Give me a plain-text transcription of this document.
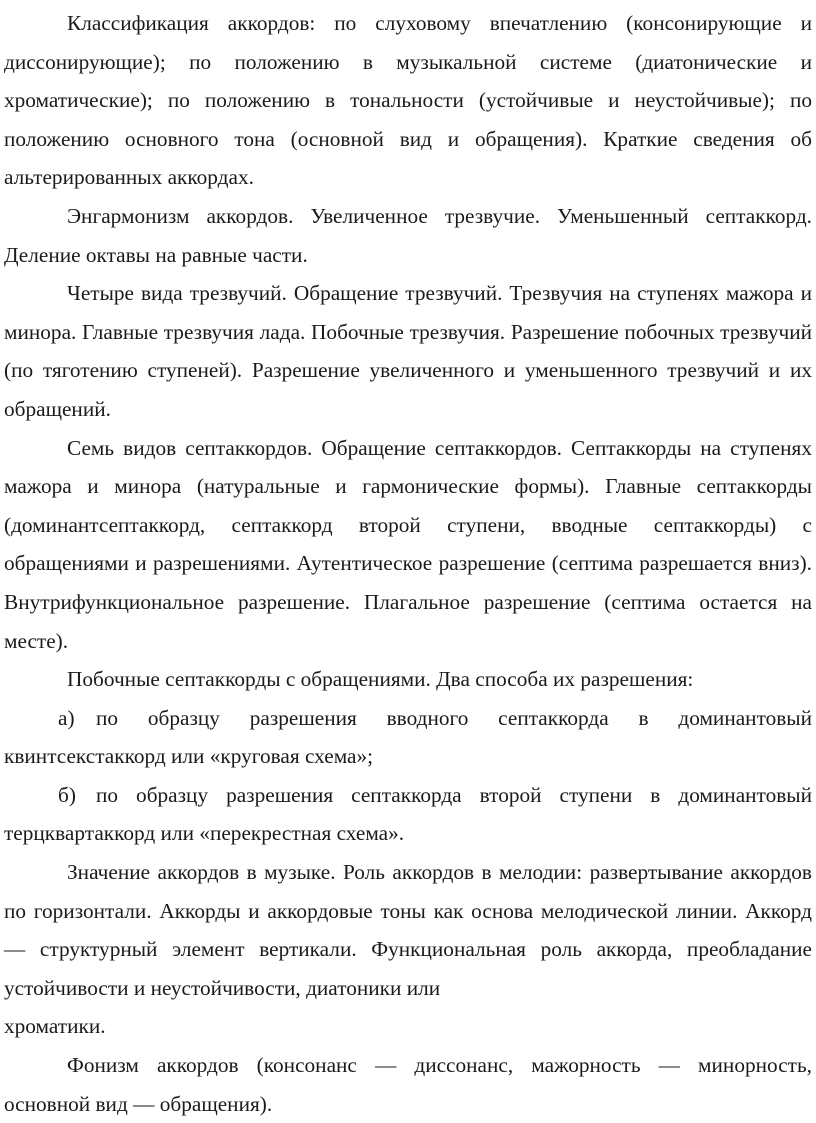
Классификация аккордов: по слуховому впечатлению (консонирующие и диссонирующие); по положению в музыкальной системе (диатонические и хроматические); по положению в тональности (устойчивые и неустойчивые); по положению основного тона (основной вид и обращения). Краткие сведения об альтерированных аккордах.

Энгармонизм аккордов. Увеличенное трезвучие. Уменьшенный септаккорд. Деление октавы на равные части.

Четыре вида трезвучий. Обращение трезвучий. Трезвучия на ступенях мажора и минора. Главные трезвучия лада. Побочные трезвучия. Разрешение побочных трезвучий (по тяготению ступеней). Разрешение увеличенного и уменьшенного трезвучий и их обращений.

Семь видов септаккордов. Обращение септаккордов. Септаккорды на ступенях мажора и минора (натуральные и гармонические формы). Главные септаккорды (доминантсептаккорд, септаккорд второй ступени, вводные септаккорды) с обращениями и разрешениями. Аутентическое разрешение (септима разрешается вниз). Внутрифункциональное разрешение. Плагальное разрешение (септима остается на месте).

Побочные септаккорды с обращениями. Два способа их разрешения:

а) по образцу разрешения вводного септаккорда в доминантовый квинтсекстаккорд или «круговая схема»;

б) по образцу разрешения септаккорда второй ступени в доминантовый терцквартаккорд или «перекрестная схема».

Значение аккордов в музыке. Роль аккордов в мелодии: развертывание аккордов по горизонтали. Аккорды и аккордовые тоны как основа мелодической линии. Аккорд — структурный элемент вертикали. Функциональная роль аккорда, преобладание устойчивости и неустойчивости, диатоники или

хроматики.

Фонизм аккордов (консонанс — диссонанс, мажорность — минорность, основной вид — обращения).
